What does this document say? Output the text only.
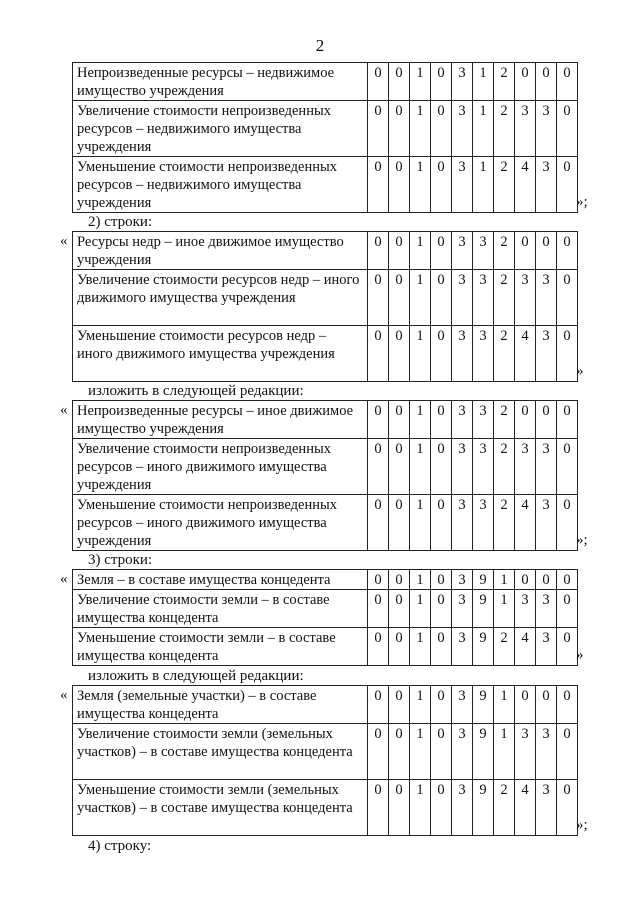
2
Непроизведенные ресурсы – недвижимое имущество учреждения	0	0	1	0	3	1	2	0	0	0
Увеличение стоимости непроизведенных ресурсов – недвижимого имущества учреждения	0	0	1	0	3	1	2	3	3	0
Уменьшение стоимости непроизведенных ресурсов – недвижимого имущества учреждения	0	0	1	0	3	1	2	4	3	0
»;
2) строки:
« Ресурсы недр – иное движимое имущество учреждения	0	0	1	0	3	3	2	0	0	0
Увеличение стоимости ресурсов недр – иного движимого имущества учреждения	0	0	1	0	3	3	2	3	3	0
Уменьшение стоимости ресурсов недр – иного движимого имущества учреждения	0	0	1	0	3	3	2	4	3	0
»
изложить в следующей редакции:
« Непроизведенные ресурсы – иное движимое имущество учреждения	0	0	1	0	3	3	2	0	0	0
Увеличение стоимости непроизведенных ресурсов – иного движимого имущества учреждения	0	0	1	0	3	3	2	3	3	0
Уменьшение стоимости непроизведенных ресурсов – иного движимого имущества учреждения	0	0	1	0	3	3	2	4	3	0
»;
3) строки:
« Земля – в составе имущества концедента	0	0	1	0	3	9	1	0	0	0
Увеличение стоимости земли – в составе имущества концедента	0	0	1	0	3	9	1	3	3	0
Уменьшение стоимости земли – в составе имущества концедента	0	0	1	0	3	9	2	4	3	0
»
изложить в следующей редакции:
« Земля (земельные участки) – в составе имущества концедента	0	0	1	0	3	9	1	0	0	0
Увеличение стоимости земли (земельных участков) – в составе имущества концедента	0	0	1	0	3	9	1	3	3	0
Уменьшение стоимости земли (земельных участков) – в составе имущества концедента	0	0	1	0	3	9	2	4	3	0
»;
4) строку:
